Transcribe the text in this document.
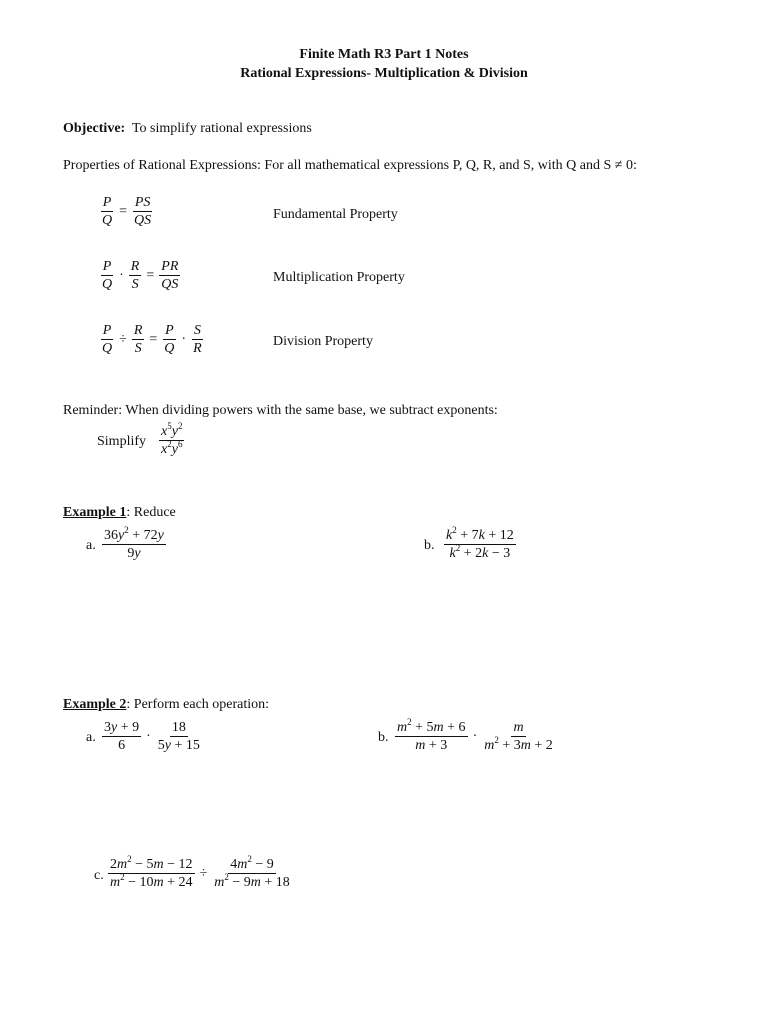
Finite Math R3 Part 1 Notes
Rational Expressions- Multiplication & Division
Objective: To simplify rational expressions
Properties of Rational Expressions: For all mathematical expressions P, Q, R, and S, with Q and S ≠ 0:
$\frac{P}{Q} = \frac{PS}{QS}$	Fundamental Property
$\frac{P}{Q} \cdot \frac{R}{S} = \frac{PR}{QS}$	Multiplication Property
$\frac{P}{Q} \div \frac{R}{S} = \frac{P}{Q} \cdot \frac{S}{R}$	Division Property
Reminder: When dividing powers with the same base, we subtract exponents:
Simplify $\frac{x^5y^2}{x^2y^6}$
Example 1: Reduce
a. $\frac{36y^2 + 72y}{9y}$	b. $\frac{k^2 + 7k + 12}{k^2 + 2k - 3}$
Example 2: Perform each operation:
a. $\frac{3y + 9}{6} \cdot \frac{18}{5y + 15}$	b. $\frac{m^2 + 5m + 6}{m + 3} \cdot \frac{m}{m^2 + 3m + 2}$
c. $\frac{2m^2 - 5m - 12}{m^2 - 10m + 24} \div \frac{4m^2 - 9}{m^2 - 9m + 18}$
